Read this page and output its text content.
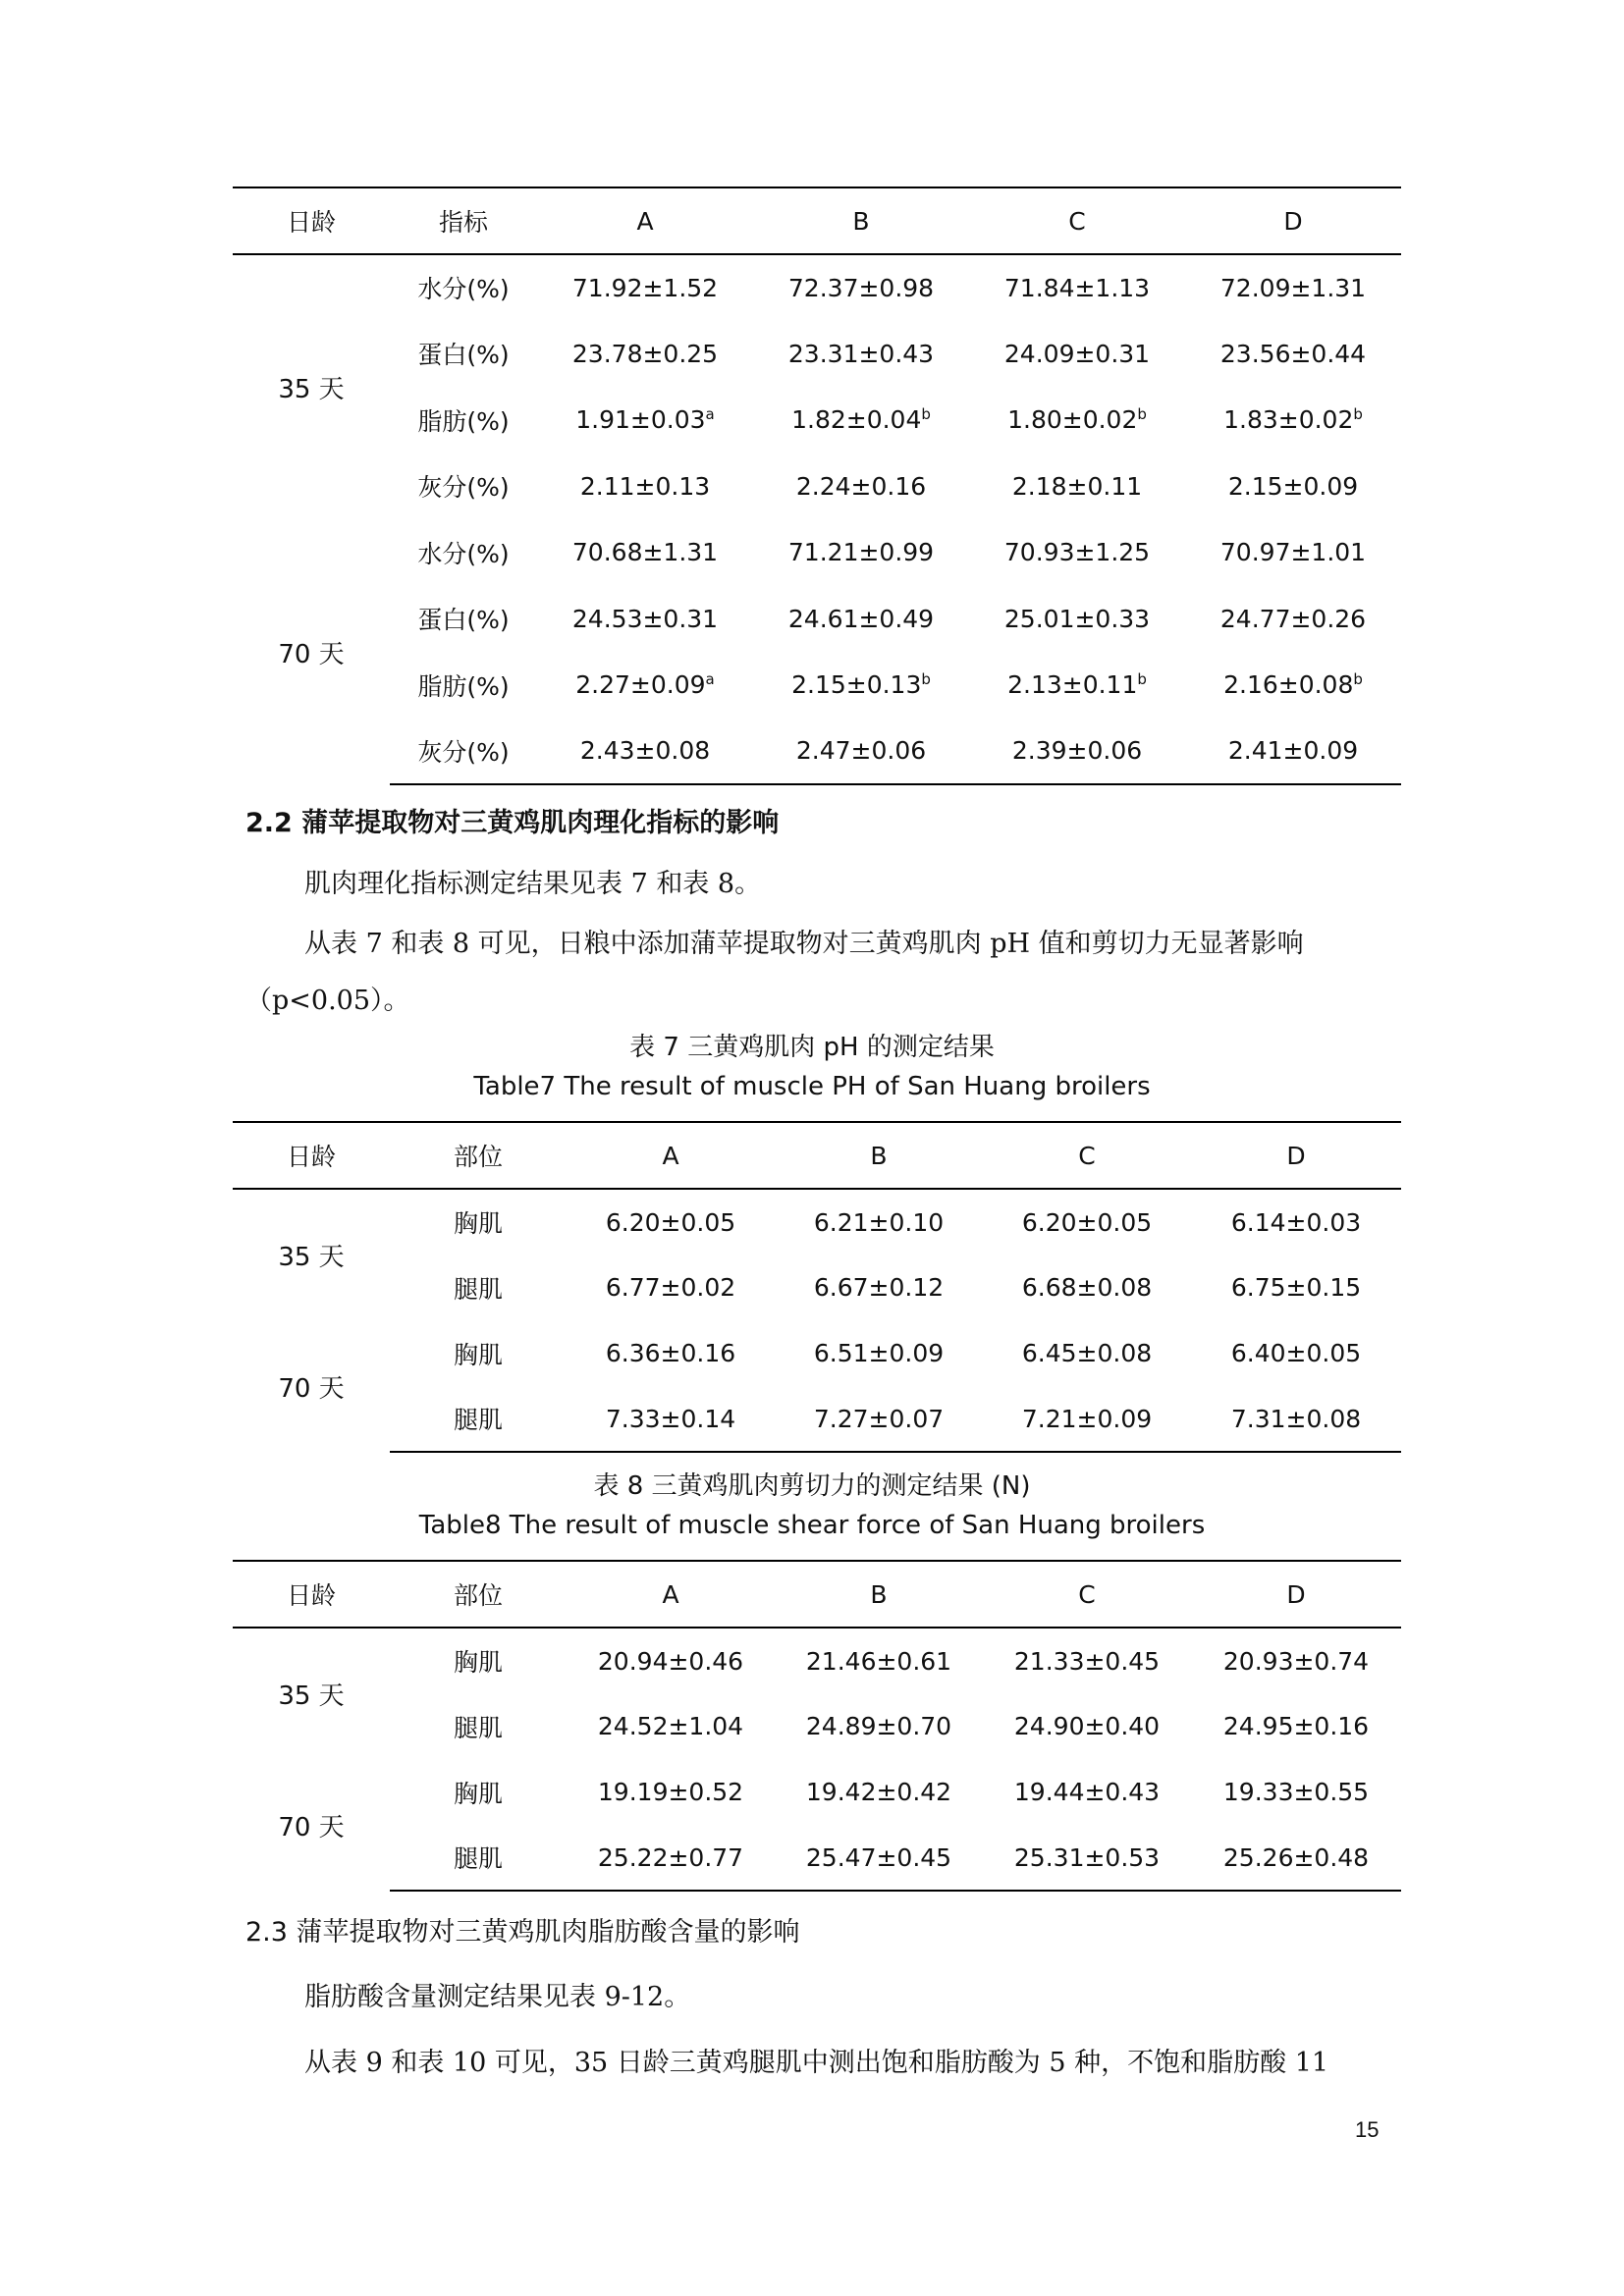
日龄	指标	A	B	C	D
35 天	水分(%)	71.92±1.52	72.37±0.98	71.84±1.13	72.09±1.31
	蛋白(%)	23.78±0.25	23.31±0.43	24.09±0.31	23.56±0.44
	脂肪(%)	1.91±0.03$^a$	1.82±0.04$^b$	1.80±0.02$^b$	1.83±0.02$^b$
	灰分(%)	2.11±0.13	2.24±0.16	2.18±0.11	2.15±0.09
70 天	水分(%)	70.68±1.31	71.21±0.99	70.93±1.25	70.97±1.01
	蛋白(%)	24.53±0.31	24.61±0.49	25.01±0.33	24.77±0.26
	脂肪(%)	2.27±0.09$^a$	2.15±0.13$^b$	2.13±0.11$^b$	2.16±0.08$^b$
	灰分(%)	2.43±0.08	2.47±0.06	2.39±0.06	2.41±0.09
2.2 蒲苹提取物对三黄鸡肌肉理化指标的影响
肌肉理化指标测定结果见表 7 和表 8。
从表 7 和表 8 可见，日粮中添加蒲苹提取物对三黄鸡肌肉 pH 值和剪切力无显著影响
（p<0.05）。
表 7 三黄鸡肌肉 pH 的测定结果
Table7 The result of muscle PH of San Huang broilers
日龄	部位	A	B	C	D
35 天	胸肌	6.20±0.05	6.21±0.10	6.20±0.05	6.14±0.03
	腿肌	6.77±0.02	6.67±0.12	6.68±0.08	6.75±0.15
70 天	胸肌	6.36±0.16	6.51±0.09	6.45±0.08	6.40±0.05
	腿肌	7.33±0.14	7.27±0.07	7.21±0.09	7.31±0.08
表 8 三黄鸡肌肉剪切力的测定结果 (N)
Table8 The result of muscle shear force of San Huang broilers
日龄	部位	A	B	C	D
35 天	胸肌	20.94±0.46	21.46±0.61	21.33±0.45	20.93±0.74
	腿肌	24.52±1.04	24.89±0.70	24.90±0.40	24.95±0.16
70 天	胸肌	19.19±0.52	19.42±0.42	19.44±0.43	19.33±0.55
	腿肌	25.22±0.77	25.47±0.45	25.31±0.53	25.26±0.48
2.3 蒲苹提取物对三黄鸡肌肉脂肪酸含量的影响
脂肪酸含量测定结果见表 9-12。
从表 9 和表 10 可见，35 日龄三黄鸡腿肌中测出饱和脂肪酸为 5 种，不饱和脂肪酸 11
15
